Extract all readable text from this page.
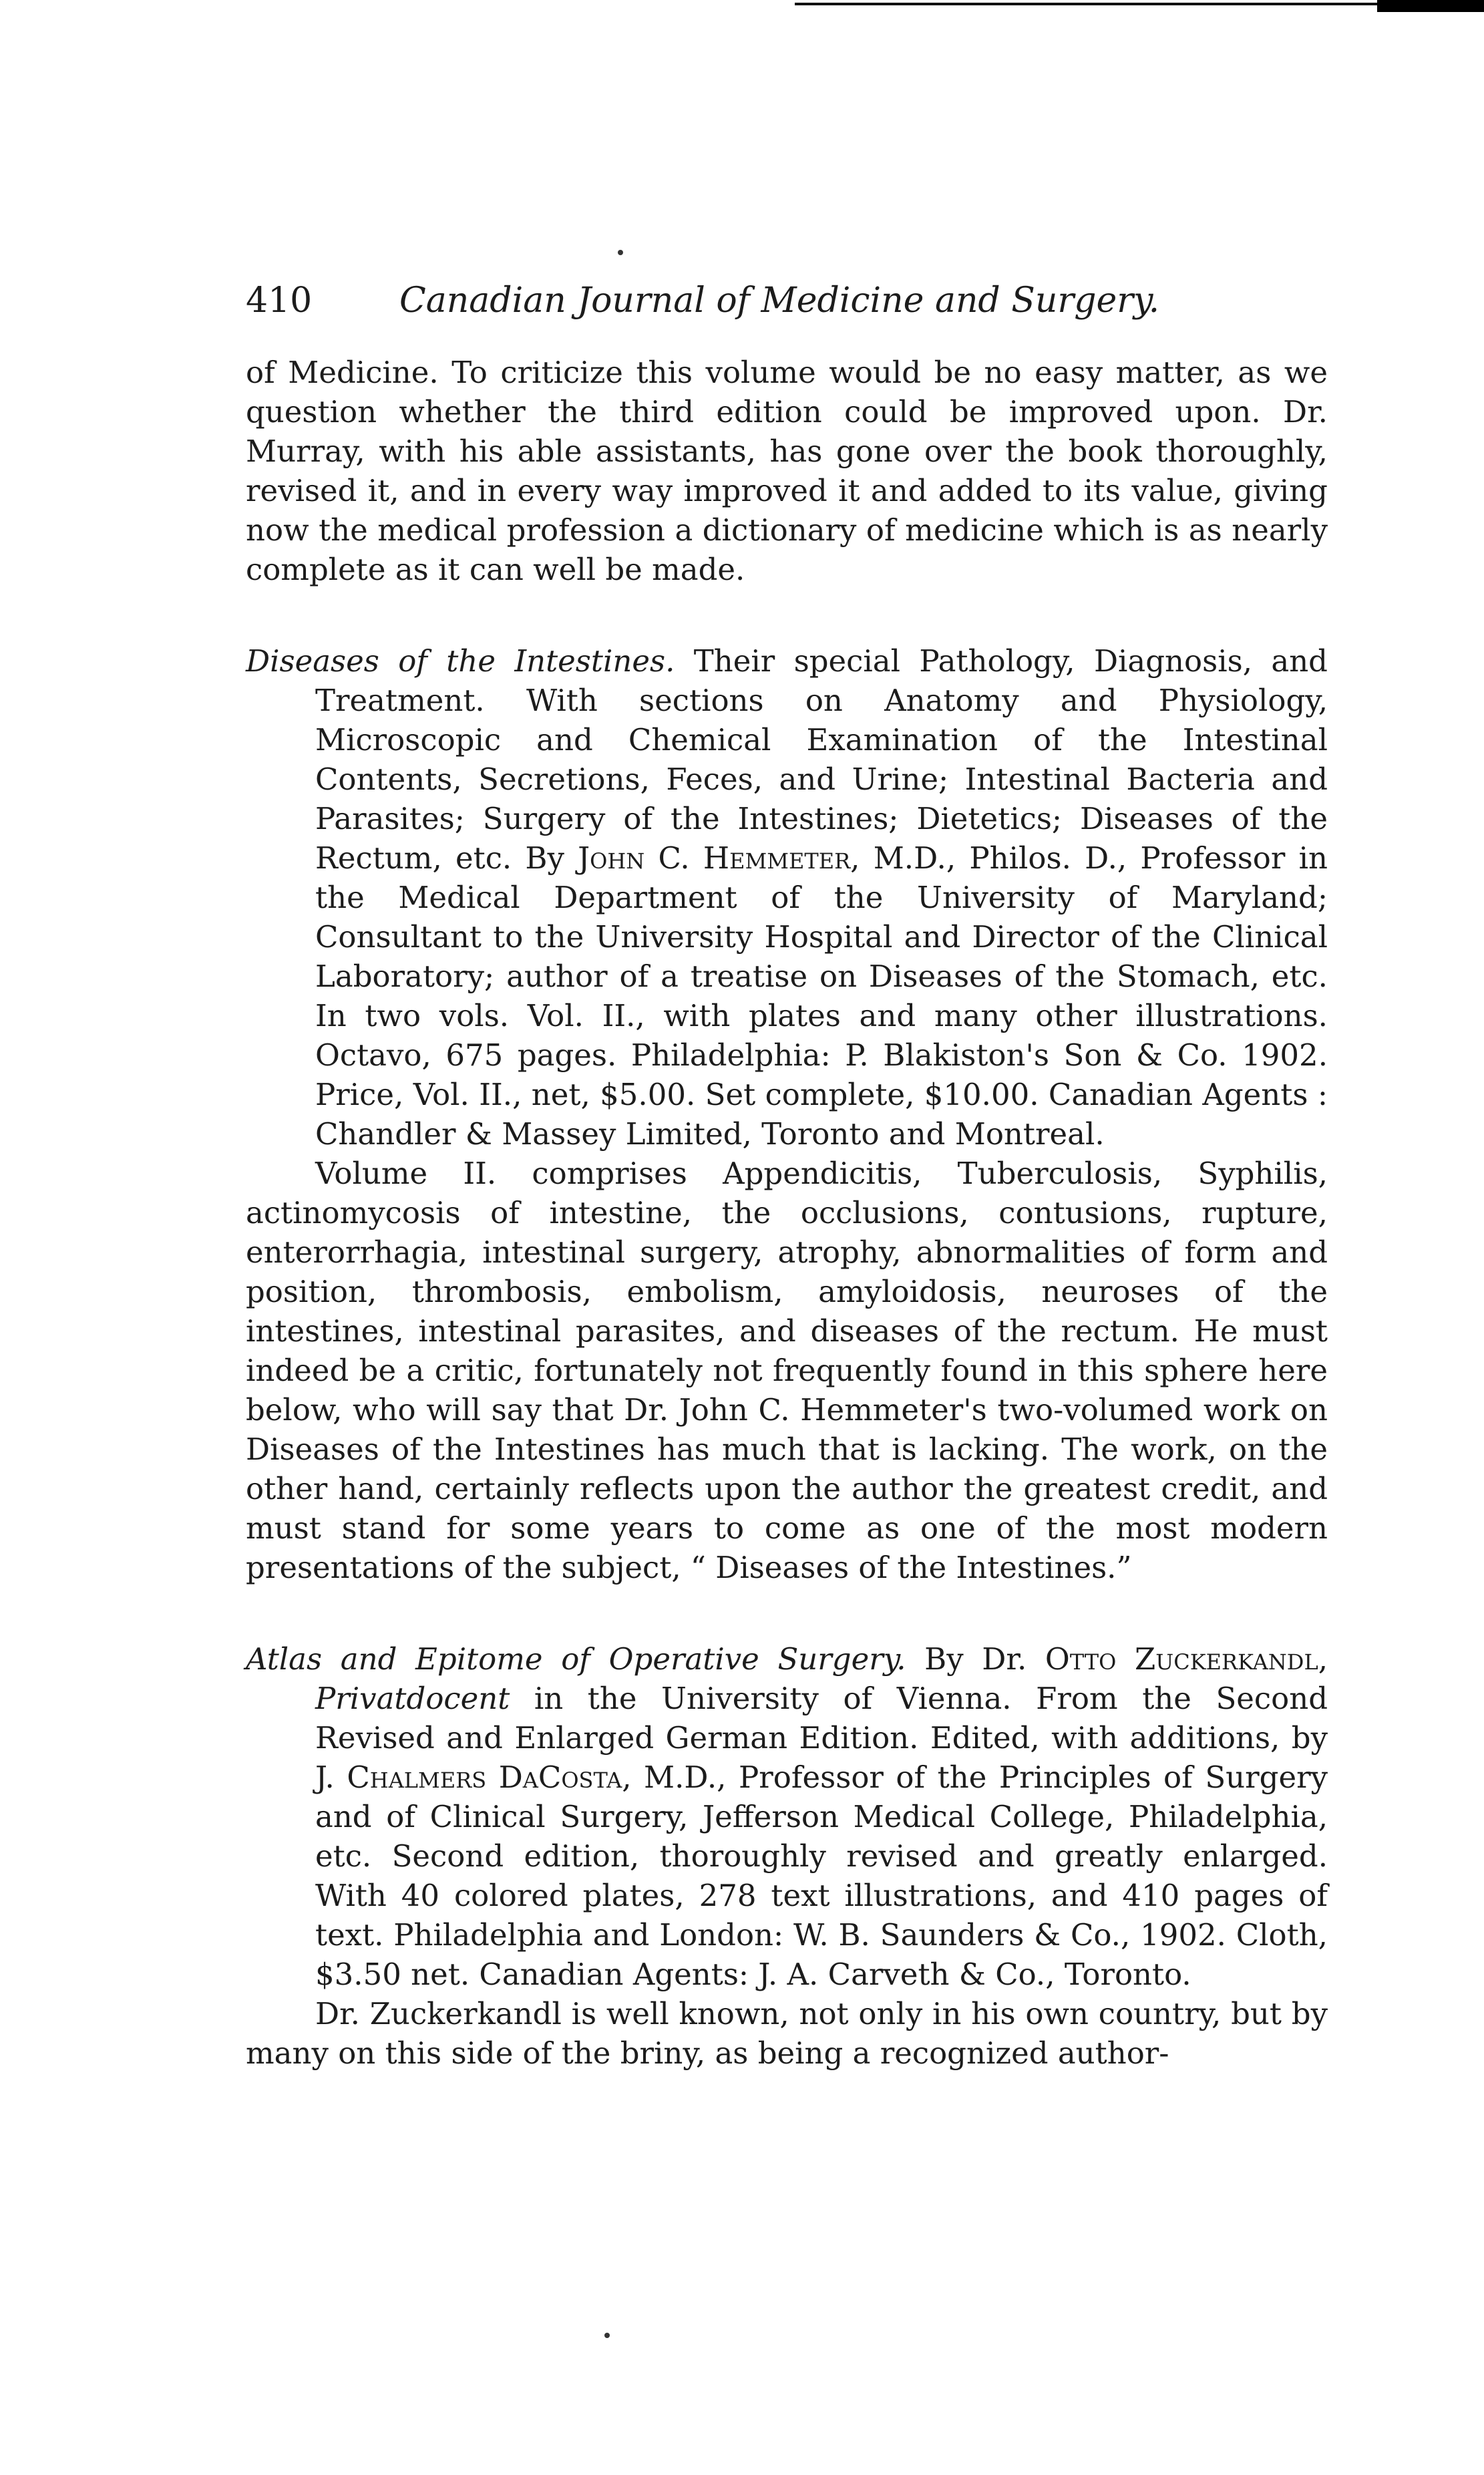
410	Canadian Journal of Medicine and Surgery.

of Medicine. To criticize this volume would be no easy matter, as we question whether the third edition could be improved upon. Dr. Murray, with his able assistants, has gone over the book thoroughly, revised it, and in every way improved it and added to its value, giving now the medical profession a dictionary of medicine which is as nearly complete as it can well be made.

Diseases of the Intestines. Their special Pathology, Diagnosis, and Treatment. With sections on Anatomy and Physiology, Microscopic and Chemical Examination of the Intestinal Contents, Secretions, Feces, and Urine; Intestinal Bacteria and Parasites; Surgery of the Intestines; Dietetics; Diseases of the Rectum, etc. By John C. Hemmeter, M.D., Philos. D., Professor in the Medical Department of the University of Maryland; Consultant to the University Hospital and Director of the Clinical Laboratory; author of a treatise on Diseases of the Stomach, etc. In two vols. Vol. II., with plates and many other illustrations. Octavo, 675 pages. Philadelphia: P. Blakiston's Son & Co. 1902. Price, Vol. II., net, $5.00. Set complete, $10.00. Canadian Agents : Chandler & Massey Limited, Toronto and Montreal.

Volume II. comprises Appendicitis, Tuberculosis, Syphilis, actinomycosis of intestine, the occlusions, contusions, rupture, enterorrhagia, intestinal surgery, atrophy, abnormalities of form and position, thrombosis, embolism, amyloidosis, neuroses of the intestines, intestinal parasites, and diseases of the rectum. He must indeed be a critic, fortunately not frequently found in this sphere here below, who will say that Dr. John C. Hemmeter's two-volumed work on Diseases of the Intestines has much that is lacking. The work, on the other hand, certainly reflects upon the author the greatest credit, and must stand for some years to come as one of the most modern presentations of the subject, “ Diseases of the Intestines.”

Atlas and Epitome of Operative Surgery. By Dr. Otto Zuckerkandl, Privatdocent in the University of Vienna. From the Second Revised and Enlarged German Edition. Edited, with additions, by J. Chalmers DaCosta, M.D., Professor of the Principles of Surgery and of Clinical Surgery, Jefferson Medical College, Philadelphia, etc. Second edition, thoroughly revised and greatly enlarged. With 40 colored plates, 278 text illustrations, and 410 pages of text. Philadelphia and London: W. B. Saunders & Co., 1902. Cloth, $3.50 net. Canadian Agents: J. A. Carveth & Co., Toronto.

Dr. Zuckerkandl is well known, not only in his own country, but by many on this side of the briny, as being a recognized author-
